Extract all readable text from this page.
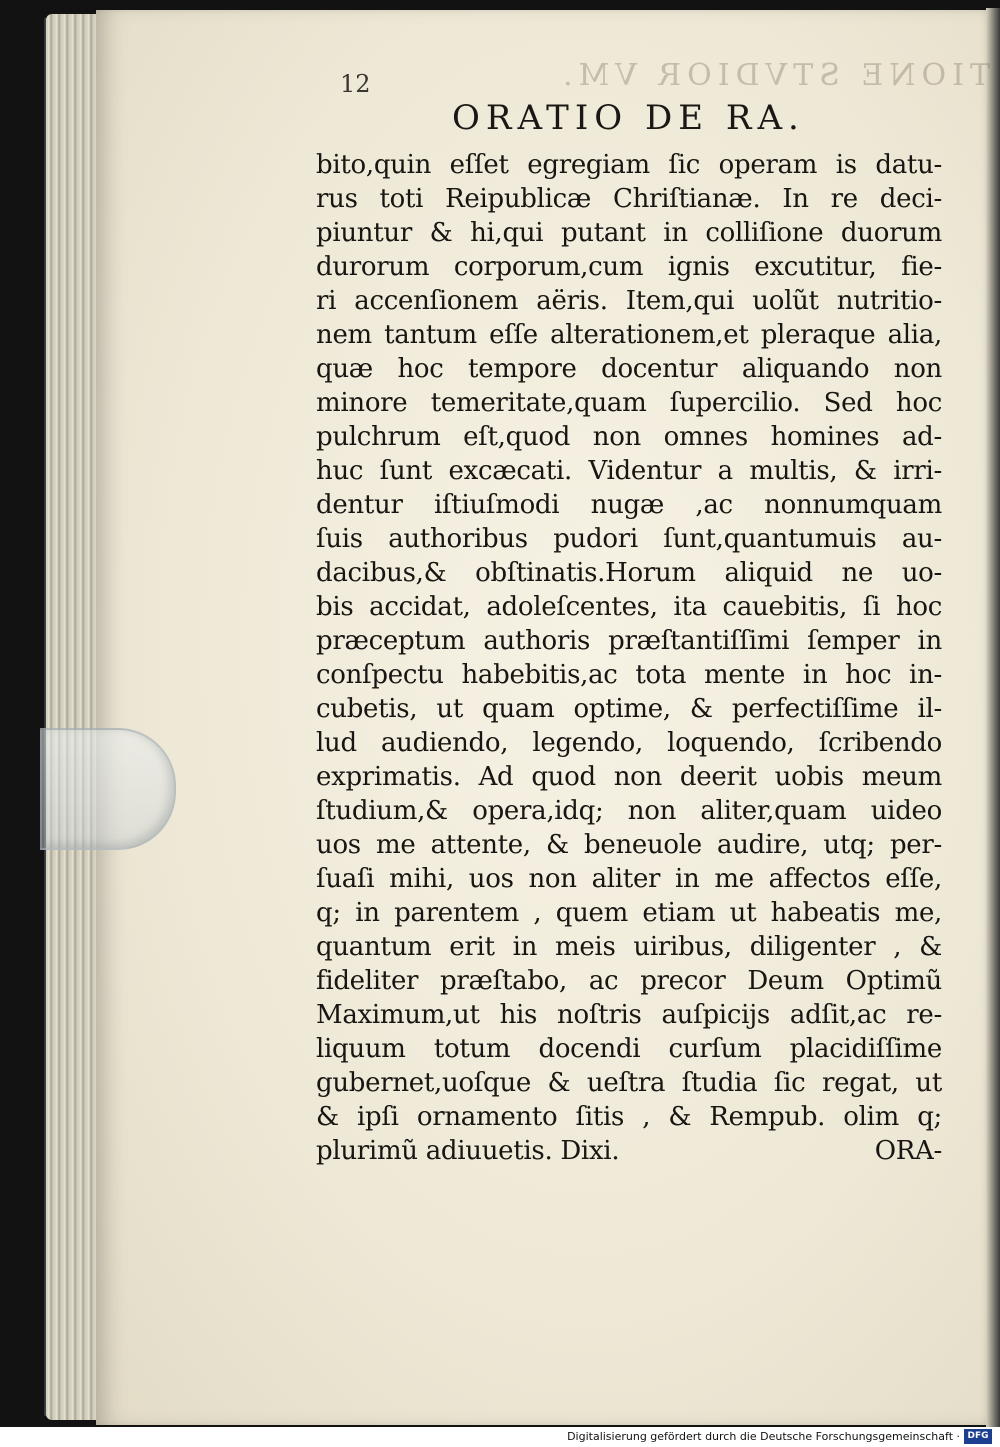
TIONE STVDIOR VM.
12
ORATIO DE RA.
bito,quin eſſet egregiam ſic operam is datu-
rus toti Reipublicæ Chriſtianæ. In re deci-
piuntur & hi,qui putant in colliſione duorum
durorum corporum,cum ignis excutitur, fie-
ri accenſionem aëris. Item,qui uolũt nutritio-
nem tantum eſſe alterationem,et pleraque alia,
quæ hoc tempore docentur aliquando non
minore temeritate,quam ſupercilio. Sed hoc
pulchrum eſt,quod non omnes homines ad-
huc ſunt excæcati. Videntur a multis, & irri-
dentur iſtiuſmodi nugæ ,ac nonnumquam
ſuis authoribus pudori ſunt,quantumuis au-
dacibus,& obſtinatis.Horum aliquid ne uo-
bis accidat, adoleſcentes, ita cauebitis, ſi hoc
præceptum authoris præſtantiſſimi ſemper in
conſpectu habebitis,ac tota mente in hoc in-
cubetis, ut quam optime, & perfectiſſime il-
lud audiendo, legendo, loquendo, ſcribendo
exprimatis. Ad quod non deerit uobis meum
ſtudium,& opera,idq; non aliter,quam uideo
uos me attente, & beneuole audire, utq; per-
ſuaſi mihi, uos non aliter in me affectos eſſe,
q; in parentem , quem etiam ut habeatis me,
quantum erit in meis uiribus, diligenter , &
fideliter præſtabo, ac precor Deum Optimũ
Maximum,ut his noſtris auſpicijs adſit,ac re-
liquum totum docendi curſum placidiſſime
gubernet,uoſque & ueſtra ſtudia ſic regat, ut
& ipſi ornamento ſitis , & Rempub. olim q;
plurimũ adiuuetis. Dixi.	ORA-
Digitalisierung gefördert durch die Deutsche Forschungsgemeinschaft · DFG
